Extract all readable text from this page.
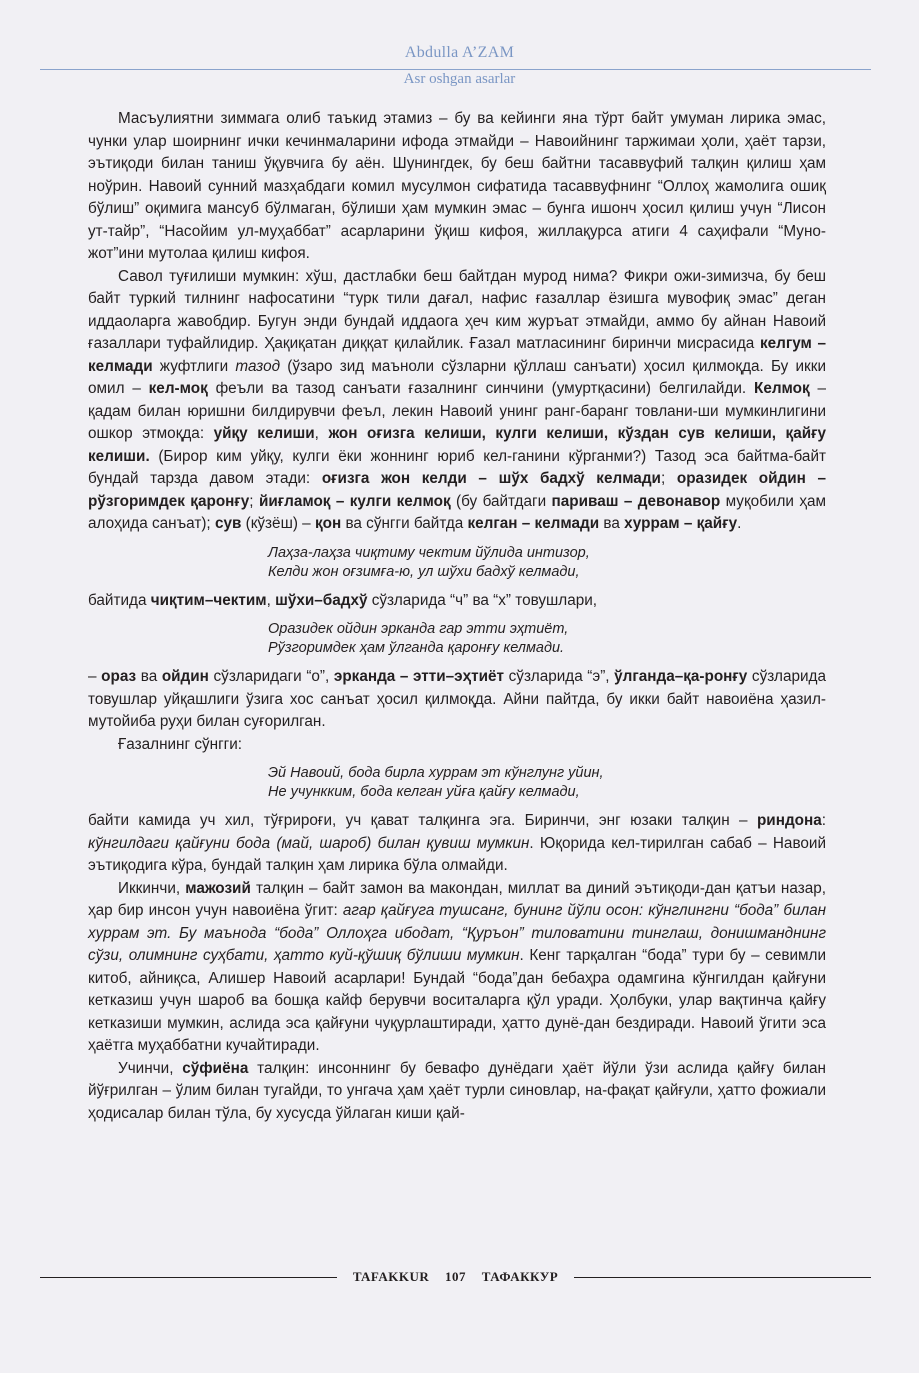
Abdulla A’ZAM
Asr oshgan asarlar

Масъулиятни зиммага олиб таъкид этамиз – бу ва кейинги яна тўрт байт умуман лирика эмас, чунки улар шоирнинг ички кечинмаларини ифода этмайди – Навоийнинг таржимаи ҳоли, ҳаёт тарзи, эътиқоди билан таниш ўқувчига бу аён. Шунингдек, бу беш байтни тасаввуфий талқин қилиш ҳам ноўрин. Навоий сунний мазҳабдаги комил мусулмон сифатида тасаввуфнинг “Оллоҳ жамолига ошиқ бўлиш” оқимига мансуб бўлмаган, бўлиши ҳам мумкин эмас – бунга ишонч ҳосил қилиш учун “Лисон ут-тайр”, “Насойим ул-муҳаббат” асарларини ўқиш кифоя, жиллақурса атиги 4 саҳифали “Муно-жот”ини мутолаа қилиш кифоя.

Савол туғилиши мумкин: хўш, дастлабки беш байтдан мурод нима? Фикри ожи-зимизча, бу беш байт туркий тилнинг нафосатини “турк тили дағал, нафис ғазаллар ёзишга мувофиқ эмас” деган иддаоларга жавобдир. Бугун энди бундай иддаога ҳеч ким журъат этмайди, аммо бу айнан Навоий ғазаллари туфайлидир. Ҳақиқатан диққат қилайлик. Ғазал матласининг биринчи мисрасида келгум – келмади жуфтлиги тазод (ўзаро зид маъноли сўзларни қўллаш санъати) ҳосил қилмоқда. Бу икки омил – кел-моқ феъли ва тазод санъати ғазалнинг синчини (умуртқасини) белгилайди. Келмоқ – қадам билан юришни билдирувчи феъл, лекин Навоий унинг ранг-баранг товлани-ши мумкинлигини ошкор этмоқда: уйқу келиши, жон оғизга келиши, кулги келиши, кўздан сув келиши, қайғу келиши. (Бирор ким уйқу, кулги ёки жоннинг юриб кел-ганини кўрганми?) Тазод эса байтма-байт бундай тарзда давом этади: оғизга жон келди – шўх бадхў келмади; оразидек ойдин – рўзгоримдек қаронғу; йиғламоқ – кулги келмоқ (бу байтдаги париваш – девонавор муқобили ҳам алоҳида санъат); сув (кўзёш) – қон ва сўнгги байтда келган – келмади ва хуррам – қайғу.

Лаҳза-лаҳза чиқтиму чектим йўлида интизор,
Келди жон оғзимға-ю, ул шўхи бадхў келмади,

байтида чиқтим–чектим, шўхи–бадхў сўзларида “ч” ва “х” товушлари,

Оразидек ойдин эрканда гар этти эҳтиёт,
Рўзгоримдек ҳам ўлганда қаронғу келмади.

– ораз ва ойдин сўзларидаги “о”, эрканда – этти–эҳтиёт сўзларида “э”, ўлганда–қа-ронғу сўзларида товушлар уйқашлиги ўзига хос санъат ҳосил қилмоқда. Айни пайтда, бу икки байт навоиёна ҳазил-мутойиба руҳи билан суғорилган.

Ғазалнинг сўнгги:

Эй Навоий, бода бирла хуррам эт кўнглунг уйин,
Не учункким, бода келган уйға қайғу келмади,

байти камида уч хил, тўғрироғи, уч қават талқинга эга. Биринчи, энг юзаки талқин – риндона: кўнгилдаги қайғуни бода (май, шароб) билан қувиш мумкин. Юқорида кел-тирилган сабаб – Навоий эътиқодига кўра, бундай талқин ҳам лирика бўла олмайди.

Иккинчи, мажозий талқин – байт замон ва макондан, миллат ва диний эътиқоди-дан қатъи назар, ҳар бир инсон учун навоиёна ўгит: агар қайғуга тушсанг, бунинг йўли осон: кўнглингни “бода” билан хуррам эт. Бу маънода “бода” Оллоҳга ибодат, “Қуръон” тиловатини тинглаш, донишманднинг сўзи, олимнинг суҳбати, ҳатто куй-қўшиқ бўлиши мумкин. Кенг тарқалган “бода” тури бу – севимли китоб, айниқса, Алишер Навоий асарлари! Бундай “бода”дан бебаҳра одамгина кўнгилдан қайғуни кетказиш учун шароб ва бошқа кайф берувчи воситаларга қўл уради. Ҳолбуки, улар вақтинча қайғу кетказиши мумкин, аслида эса қайғуни чуқурлаштиради, ҳатто дунё-дан бездиради. Навоий ўгити эса ҳаётга муҳаббатни кучайтиради.

Учинчи, сўфиёна талқин: инсоннинг бу бевафо дунёдаги ҳаёт йўли ўзи аслида қайғу билан йўғрилган – ўлим билан тугайди, то унгача ҳам ҳаёт турли синовлар, на-фақат қайғули, ҳатто фожиали ҳодисалар билан тўла, бу хусусда ўйлаган киши қай-

TAFAKKUR 107 ТАФАККУР
